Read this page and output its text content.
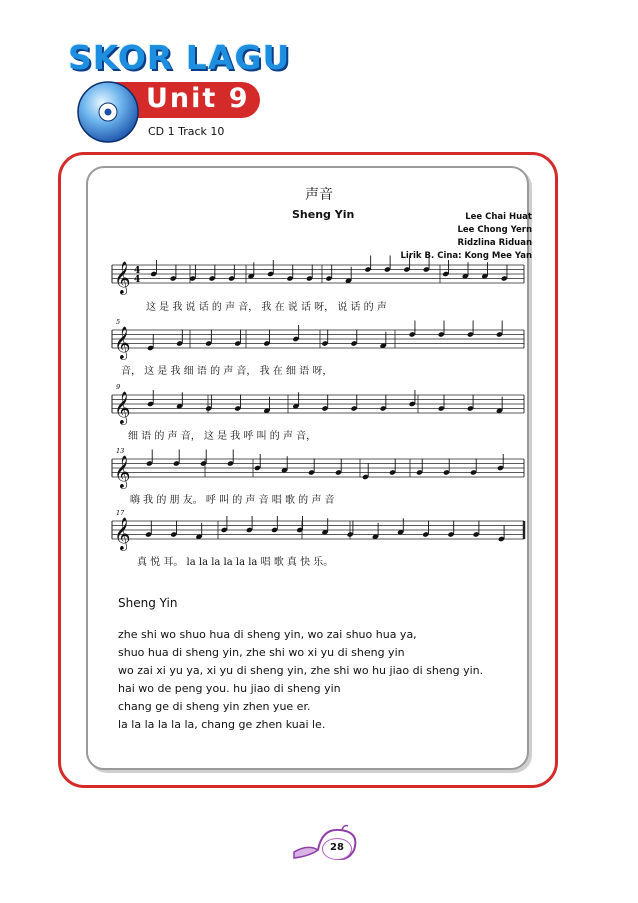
SKOR LAGU
Unit 9
CD 1 Track 10
声音
Sheng Yin	Lee Chai Huat
Lee Chong Yern
Ridzlina Riduan
Lirik B. Cina: Kong Mee Yan
𝄞
𝄞
𝄞
𝄞
𝄞
4
4
5
9
13
17
这 是 我 说 话 的 声 音， 我 在 说 话 呀， 说 话 的 声
音， 这 是 我 细 语 的 声 音， 我 在 细 语 呀，
细 语 的 声 音， 这 是 我 呼 叫 的 声 音，
嗨 我 的 朋 友。 呼 叫 的 声 音 唱 歌 的 声 音
真 悦 耳。 la la la la la la 唱 歌 真 快 乐。
Sheng Yin
zhe shi wo shuo hua di sheng yin, wo zai shuo hua ya,
shuo hua di sheng yin, zhe shi wo xi yu di sheng yin
wo zai xi yu ya, xi yu di sheng yin, zhe shi wo hu jiao di sheng yin.
hai wo de peng you. hu jiao di sheng yin
chang ge di sheng yin zhen yue er.
la la la la la la, chang ge zhen kuai le.
28
